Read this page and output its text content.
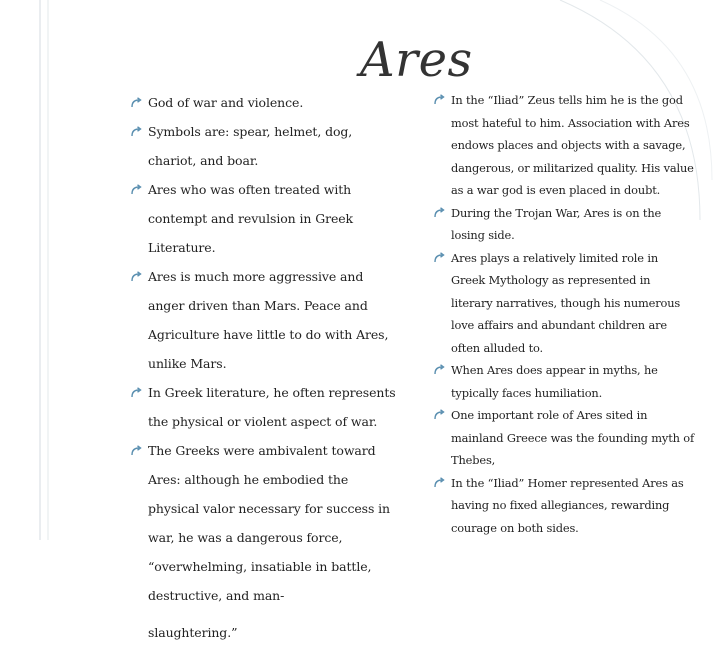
Ares
God of war and violence.
Symbols are: spear, helmet, dog, chariot, and boar.
Ares who was often treated with contempt and revulsion in Greek Literature.
Ares is much more aggressive and anger driven than Mars. Peace and Agriculture have little to do with Ares, unlike Mars.
In Greek literature, he often represents the physical or violent aspect of war.
The Greeks were ambivalent toward Ares: although he embodied the physical valor necessary for success in war, he was a dangerous force, “overwhelming, insatiable in battle, destructive, and man-
slaughtering.”
In the “Iliad” Zeus tells him he is the god most hateful to him. Association with Ares endows places and objects with a savage, dangerous, or militarized quality. His value as a war god is even placed in doubt.
During the Trojan War, Ares is on the losing side.
Ares plays a relatively limited role in Greek Mythology as represented in literary narratives, though his numerous love affairs and abundant children are often alluded to.
When Ares does appear in myths, he typically faces humiliation.
One important role of Ares sited in mainland Greece was the founding myth of Thebes,
In the “Iliad” Homer represented Ares as having no fixed allegiances, rewarding courage on both sides.
